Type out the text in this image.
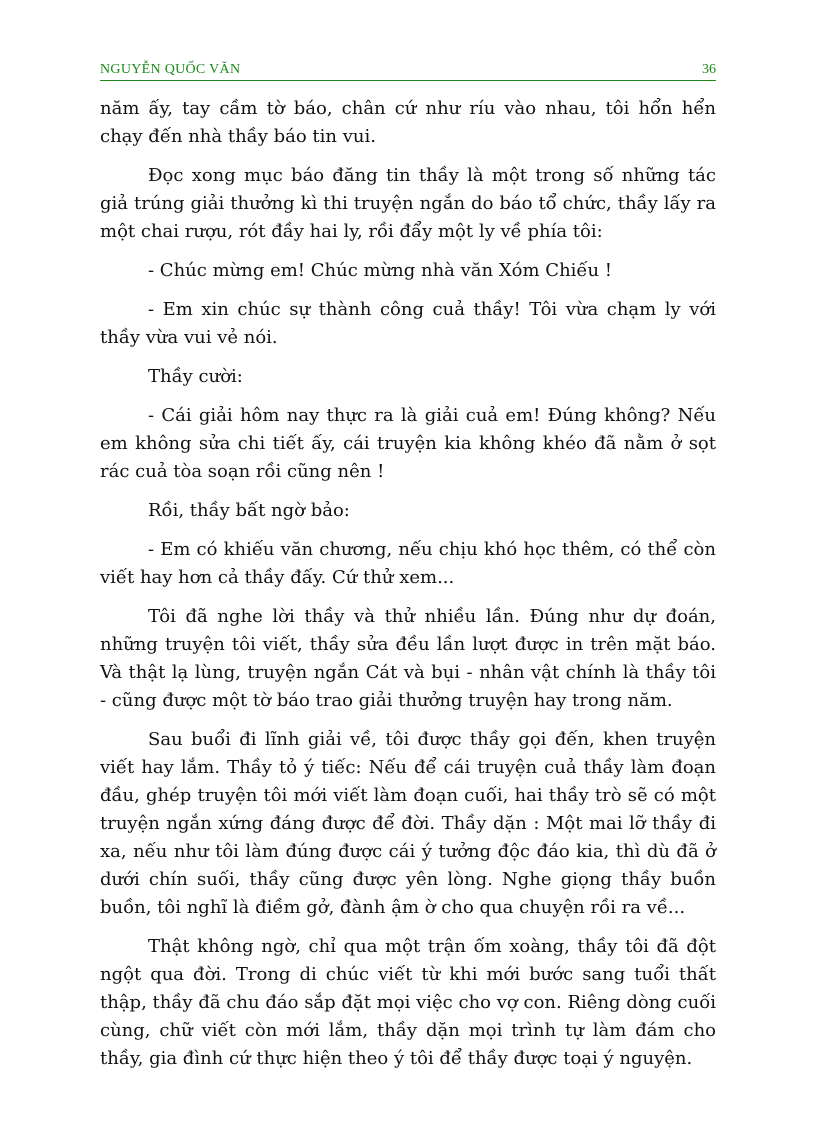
NGUYỄN QUỐC VĂN	36

năm ấy, tay cầm tờ báo, chân cứ như ríu vào nhau, tôi hổn hển chạy đến nhà thầy báo tin vui.

Đọc xong mục báo đăng tin thầy là một trong số những tác giả trúng giải thưởng kì thi truyện ngắn do báo tổ chức, thầy lấy ra một chai rượu, rót đầy hai ly, rồi đẩy một ly về phía tôi:

- Chúc mừng em! Chúc mừng nhà văn Xóm Chiếu !

- Em xin chúc sự thành công cuả thầy! Tôi vừa chạm ly với thầy vừa vui vẻ nói.

Thầy cười:

- Cái giải hôm nay thực ra là giải cuả em! Đúng không? Nếu em không sửa chi tiết ấy, cái truyện kia không khéo đã nằm ở sọt rác cuả tòa soạn rồi cũng nên !

Rồi, thầy bất ngờ bảo:

- Em có khiếu văn chương, nếu chịu khó học thêm, có thể còn viết hay hơn cả thầy đấy. Cứ thử xem...

Tôi đã nghe lời thầy và thử nhiều lần. Đúng như dự đoán, những truyện tôi viết, thầy sửa đều lần lượt được in trên mặt báo. Và thật lạ lùng, truyện ngắn Cát và bụi - nhân vật chính là thầy tôi - cũng được một tờ báo trao giải thưởng truyện hay trong năm.

Sau buổi đi lĩnh giải về, tôi được thầy gọi đến, khen truyện viết hay lắm. Thầy tỏ ý tiếc: Nếu để cái truyện cuả thầy làm đoạn đầu, ghép truyện tôi mới viết làm đoạn cuối, hai thầy trò sẽ có một truyện ngắn xứng đáng được để đời. Thầy dặn : Một mai lỡ thầy đi xa, nếu như tôi làm đúng được cái ý tưởng độc đáo kia, thì dù đã ở dưới chín suối, thầy cũng được yên lòng. Nghe giọng thầy buồn buồn, tôi nghĩ là điềm gở, đành ậm ờ cho qua chuyện rồi ra về...

Thật không ngờ, chỉ qua một trận ốm xoàng, thầy tôi đã đột ngột qua đời. Trong di chúc viết từ khi mới bước sang tuổi thất thập, thầy đã chu đáo sắp đặt mọi việc cho vợ con. Riêng dòng cuối cùng, chữ viết còn mới lắm, thầy dặn mọi trình tự làm đám cho thầy, gia đình cứ thực hiện theo ý tôi để thầy được toại ý nguyện.
